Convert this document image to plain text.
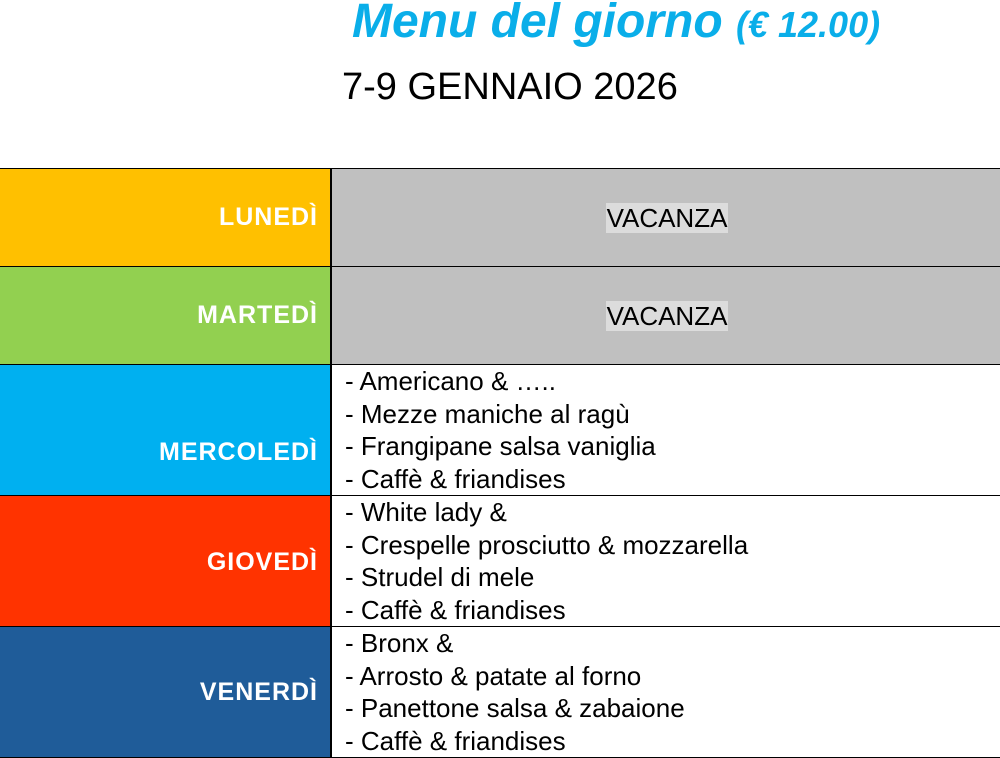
Menu del giorno (€ 12.00)
7-9 GENNAIO 2026
LUNEDÌ	VACANZA
MARTEDÌ	VACANZA
MERCOLEDÌ
- Americano & …..
- Mezze maniche al ragù
- Frangipane salsa vaniglia
- Caffè & friandises
GIOVEDÌ
- White lady &
- Crespelle prosciutto & mozzarella
- Strudel di mele
- Caffè & friandises
VENERDÌ
- Bronx &
- Arrosto & patate al forno
- Panettone salsa & zabaione
- Caffè & friandises
